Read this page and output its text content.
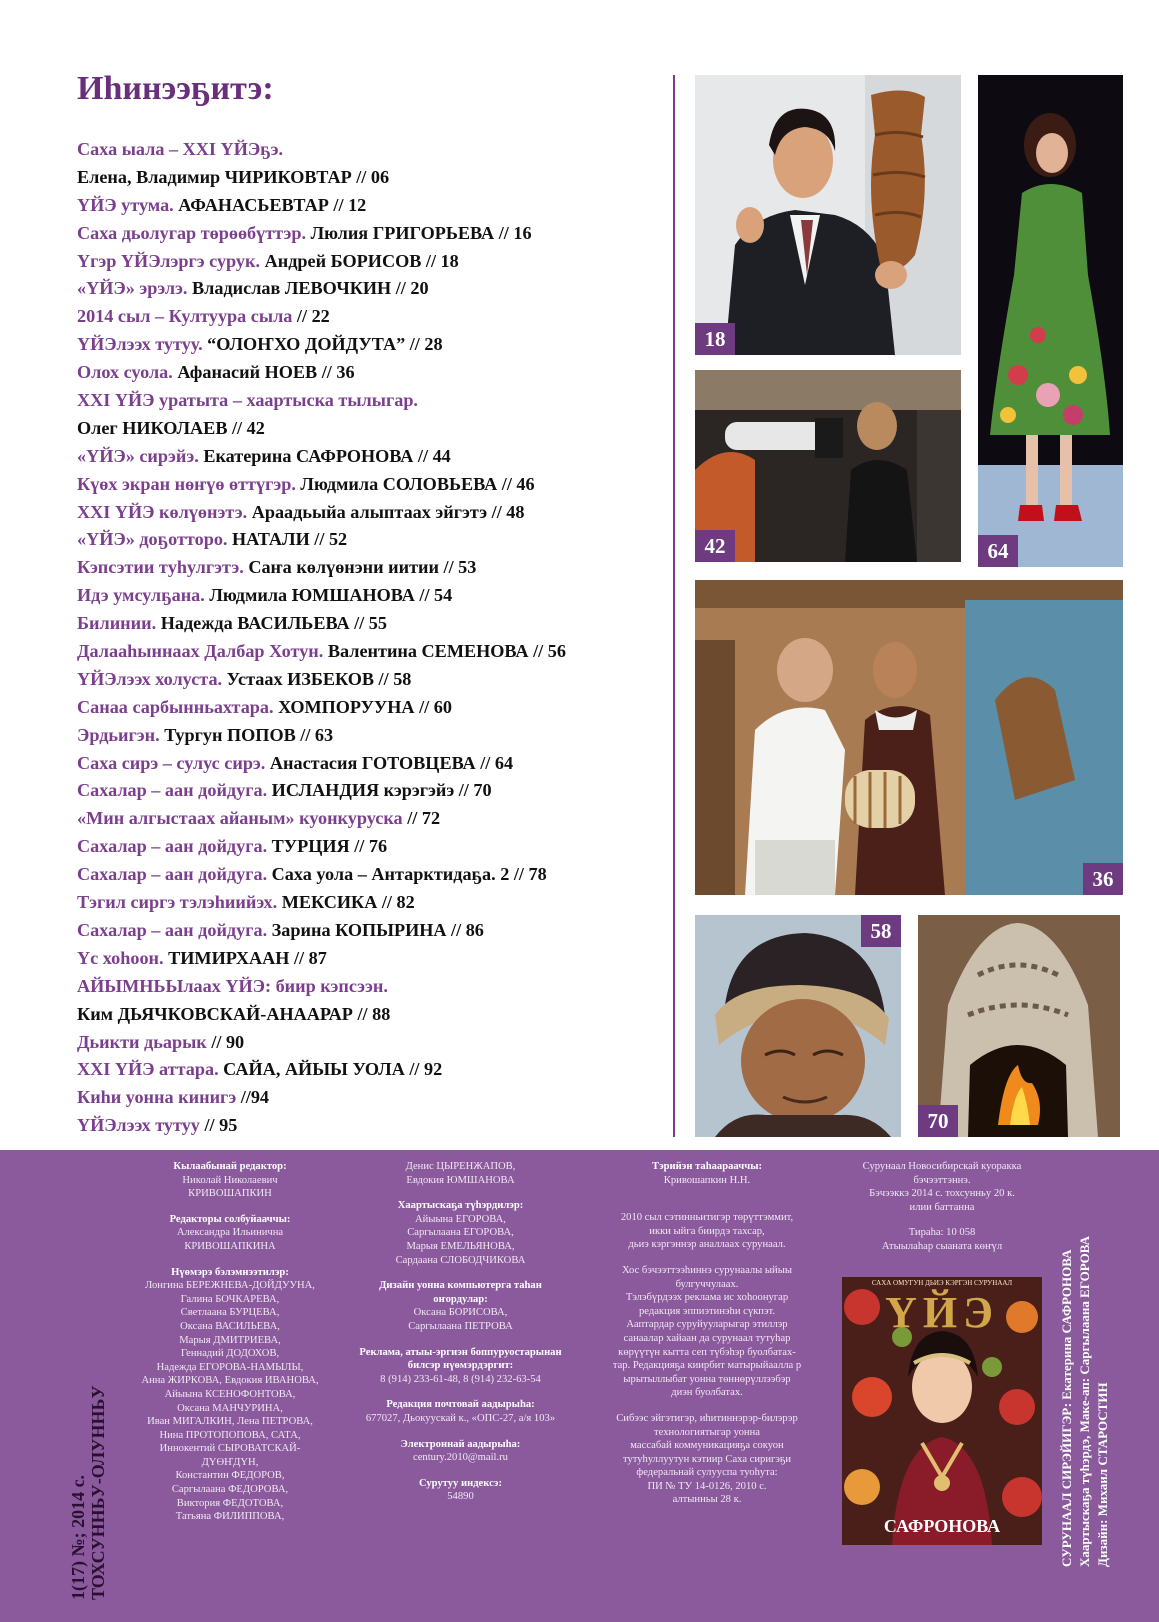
Иhинээҕитэ:
Саха ыала – XXI ҮЙЭҕэ.
Елена, Владимир ЧИРИКОВТАР // 06
ҮЙЭ утума. АФАНАСЬЕВТАР // 12
Саха дьолугар төрөөбүттэр. Люлия ГРИГОРЬЕВА // 16
Үгэр ҮЙЭлэргэ сурук. Андрей БОРИСОВ // 18
«ҮЙЭ» эрэлэ. Владислав ЛЕВОЧКИН // 20
2014 сыл – Култуура сыла // 22
ҮЙЭлээх тутуу. “ОЛОҤХО ДОЙДУТА” // 28
Олох суола. Афанасий НОЕВ // 36
XXI ҮЙЭ уратыта – хаартыска тылыгар.
Олег НИКОЛАЕВ // 42
«ҮЙЭ» сирэйэ. Екатерина САФРОНОВА // 44
Күөх экран нөҥүө өттүгэр. Людмила СОЛОВЬЕВА // 46
XXI ҮЙЭ көлүөнэтэ. Араадьыйа алыптаах эйгэтэ // 48
«ҮЙЭ» доҕотторо. НАТАЛИ // 52
Кэпсэтии тyhулгэтэ. Саҥа көлүөнэни иитии // 53
Идэ умсулҕана. Людмила ЮМШАНОВА // 54
Билинии. Надежда ВАСИЛЬЕВА // 55
Далааhыннаах Далбар Хотун. Валентина СЕМЕНОВА // 56
ҮЙЭлээх холуста. Устаах ИЗБЕКОВ // 58
Санаа сарбынньахтара. ХОМПОРУУНА // 60
Эрдьигэн. Тургун ПОПОВ // 63
Саха сирэ – сулус сирэ. Анастасия ГОТОВЦЕВА // 64
Сахалар – аан дойдуга. ИСЛАНДИЯ кэрэгэйэ // 70
«Мин алгыстаах айаным» куонкуруска // 72
Сахалар – аан дойдуга. ТУРЦИЯ // 76
Сахалар – аан дойдуга. Саха уола – Антарктидаҕа. 2 // 78
Тэгил сиргэ тэлэhиийэх. МЕКСИКА // 82
Сахалар – аан дойдуга. Зарина КОПЫРИНА // 86
Үс хоhоон. ТИМИРХААН // 87
АЙЫМНЬЫлаах ҮЙЭ: биир кэпсээн.
Ким ДЬЯЧКОВСКАЙ-АНААРАР // 88
Дьикти дьарык // 90
XXI ҮЙЭ аттара. САЙА, АЙЫЫ УОЛА // 92
Киhи уонна кинигэ //94
ҮЙЭлээх тутуу // 95
18
64
42
36
58
70
Кылаабынай редактор:
Николай Николаевич
КРИВОШАПКИН
Редакторы солбуйааччы:
Александра Ильинична
КРИВОШАПКИНА
Нүөмэрэ бэлэмнээтилэр:
Лонгина БЕРЕЖНЕВА-ДОЙДУУНА,
Галина БОЧКАРЕВА,
Светлаана БУРЦЕВА,
Оксана ВАСИЛЬЕВА,
Марыя ДМИТРИЕВА,
Геннадий ДОДОХОВ,
Надежда ЕГОРОВА-НАМЫЛЫ,
Анна ЖИРКОВА, Евдокия ИВАНОВА,
Айыына КСЕНОФОНТОВА,
Оксана МАНЧУРИНА,
Иван МИГАЛКИН, Лена ПЕТРОВА,
Нина ПРОТОПОПОВА, САТА,
Иннокентий СЫРОВАТСКАЙ-
ДҮӨҤДҮН,
Константин ФЕДОРОВ,
Саргылаана ФЕДОРОВА,
Виктория ФЕДОТОВА,
Татьяна ФИЛИППОВА,
Денис ЦЫРЕНЖАПОВ,
Евдокия ЮМШАНОВА
Хаартыскаҕа түhэрдилэр:
Айыына ЕГОРОВА,
Саргылаана ЕГОРОВА,
Марыя ЕМЕЛЬЯНОВА,
Сардаана СЛОБОДЧИКОВА
Дизайн уонна компьютерга таһан оҥордулар:
Оксана БОРИСОВА,
Саргылаана ПЕТРОВА
Реклама, атыы-эргиэн боппуруостарынан билсэр нүөмэрдэргит:
8 (914) 233-61-48, 8 (914) 232-63-54
Редакция почтовай аадырыһа:
677027, Дьокуускай к., «ОПС-27, а/я 103»
Электроннай аадырыһа:
century.2010@mail.ru
Сурутуу индексэ:
54890
Тэрийэн таһаарааччы:
Кривошапкин Н.Н.
2010 сыл сэтинньитигэр төрүттэммит,
икки ыйга биирдэ тахсар,
дьиэ кэргэннэр аналлаах сурунаал.
Хос бэчээттээһиннэ сурунаалы ыйыы
булгуччулаах.
Тэлэбүрдээх реклама ис хоһоонугар
редакция эппиэтинэhи сүкпэт.
Ааптардар суруйууларыгар этиллэр
санаалар хайаан да сурунаал тутуһар
көрүүтүн кытта сеп түбэһэр буолбатах-
тар. Редакцияҕа киирбит матырыйаалла р
ырытыллыбат уонна төннөрүллээбэр
диэн буолбатах.
Сибээс эйгэтигэр, иһитиннэрэр-билэрэр
технологиятыгар уонна
массабай коммуникацияҕа сокуон
тутуһуллуутун кэтиир Саха сиригэҕи
федеральнай сулууспа туоһута:
ПИ № ТУ 14-0126, 2010 с.
алтынньы 28 к.
Сурунаал Новосибирскай куоракка
бэчээттэннэ.
Бэчээккэ 2014 с. тохсунньу 20 к.
илии баттанна
Тираһа: 10 058
Атыылаһар сыаната көҥүл
1(17) №; 2014 с. ТОХСУННЬУ-ОЛУННЬУ	СУРУНААЛ СИРЭЙИГЭР: Екатерина САФРОНОВА Хаартыскаҕа түһэрдэ, Макe-ап: Саргылаана ЕГОРОВА Дизайн: Михаил СТАРОСТИН
САХА ОМУГУН ДЬИЭ КЭРГЭН СУРУНААЛ
ҮЙЭ
САФРОНОВА
